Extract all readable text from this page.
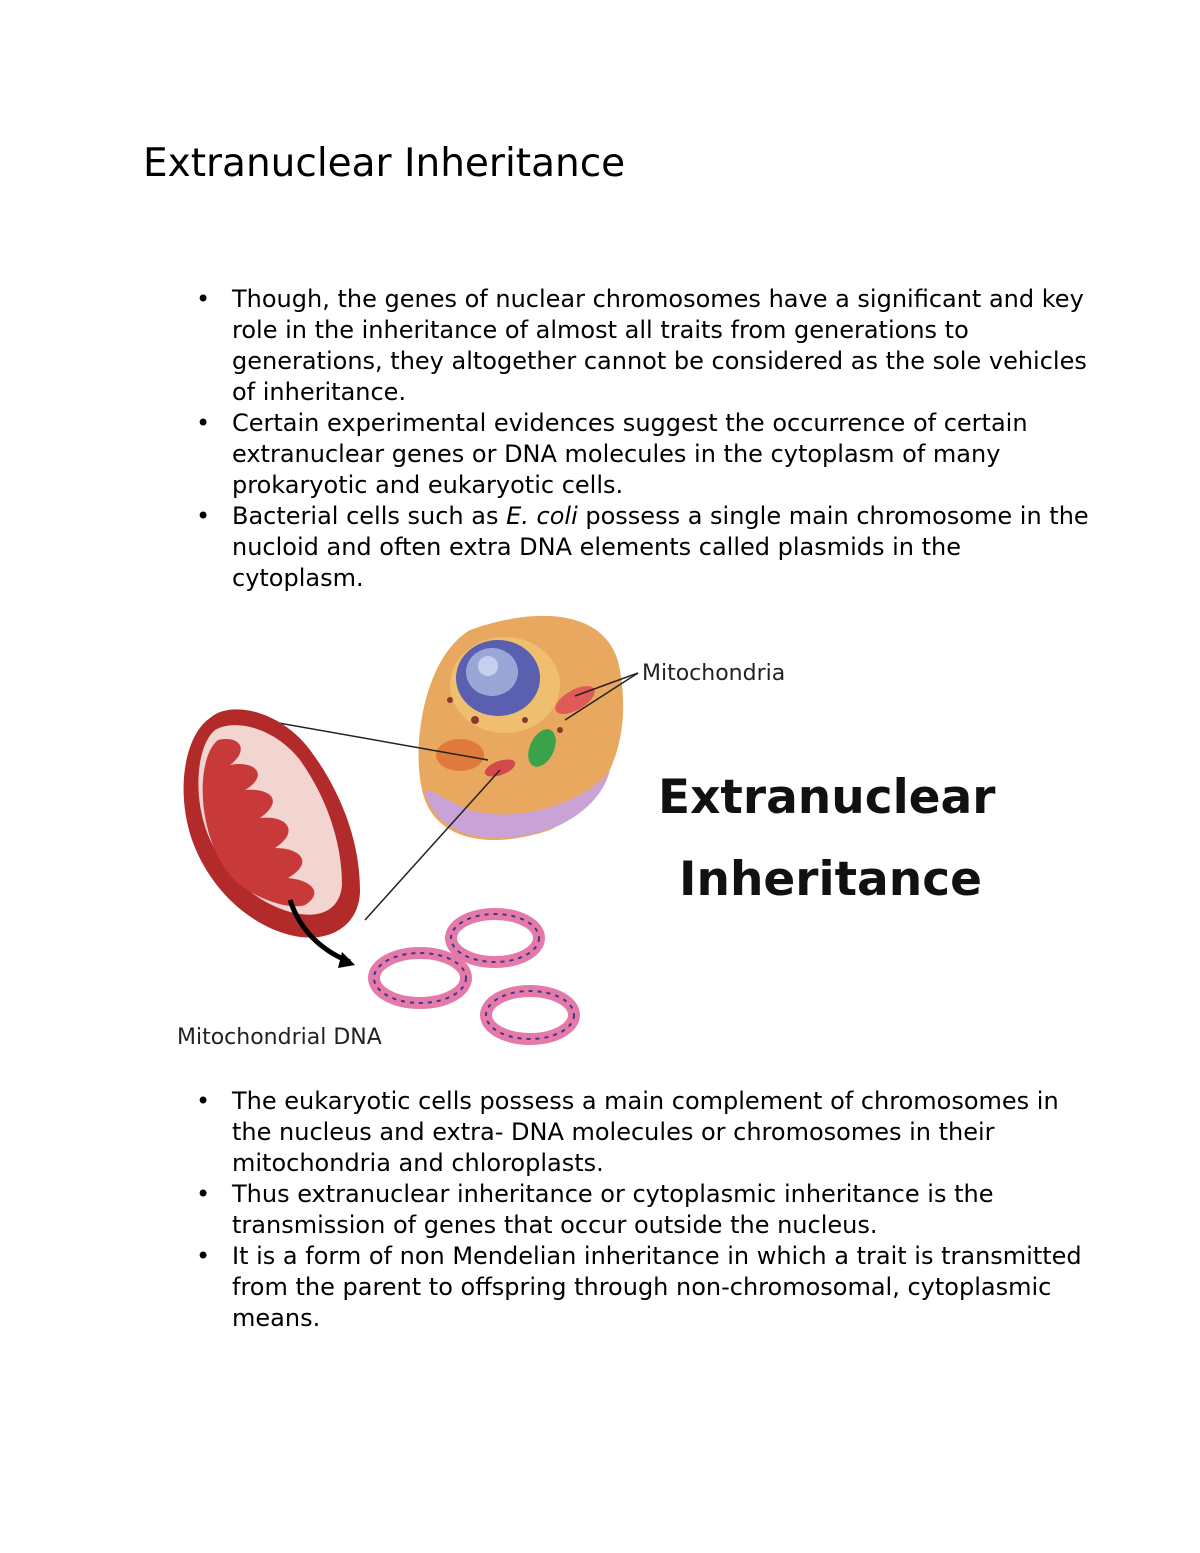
Extranuclear Inheritance
• Though, the genes of nuclear chromosomes have a significant and key role in the inheritance of almost all traits from generations to generations, they altogether cannot be considered as the sole vehicles of inheritance.
• Certain experimental evidences suggest the occurrence of certain extranuclear genes or DNA molecules in the cytoplasm of many prokaryotic and eukaryotic cells.
• Bacterial cells such as E. coli possess a single main chromosome in the nucloid and often extra DNA elements called plasmids in the cytoplasm.
Mitochondria
Mitochondrial DNA
Extranuclear
Inheritance
• The eukaryotic cells possess a main complement of chromosomes in the nucleus and extra- DNA molecules or chromosomes in their mitochondria and chloroplasts.
• Thus extranuclear inheritance or cytoplasmic inheritance is the transmission of genes that occur outside the nucleus.
• It is a form of non Mendelian inheritance in which a trait is transmitted from the parent to offspring through non-chromosomal, cytoplasmic means.
